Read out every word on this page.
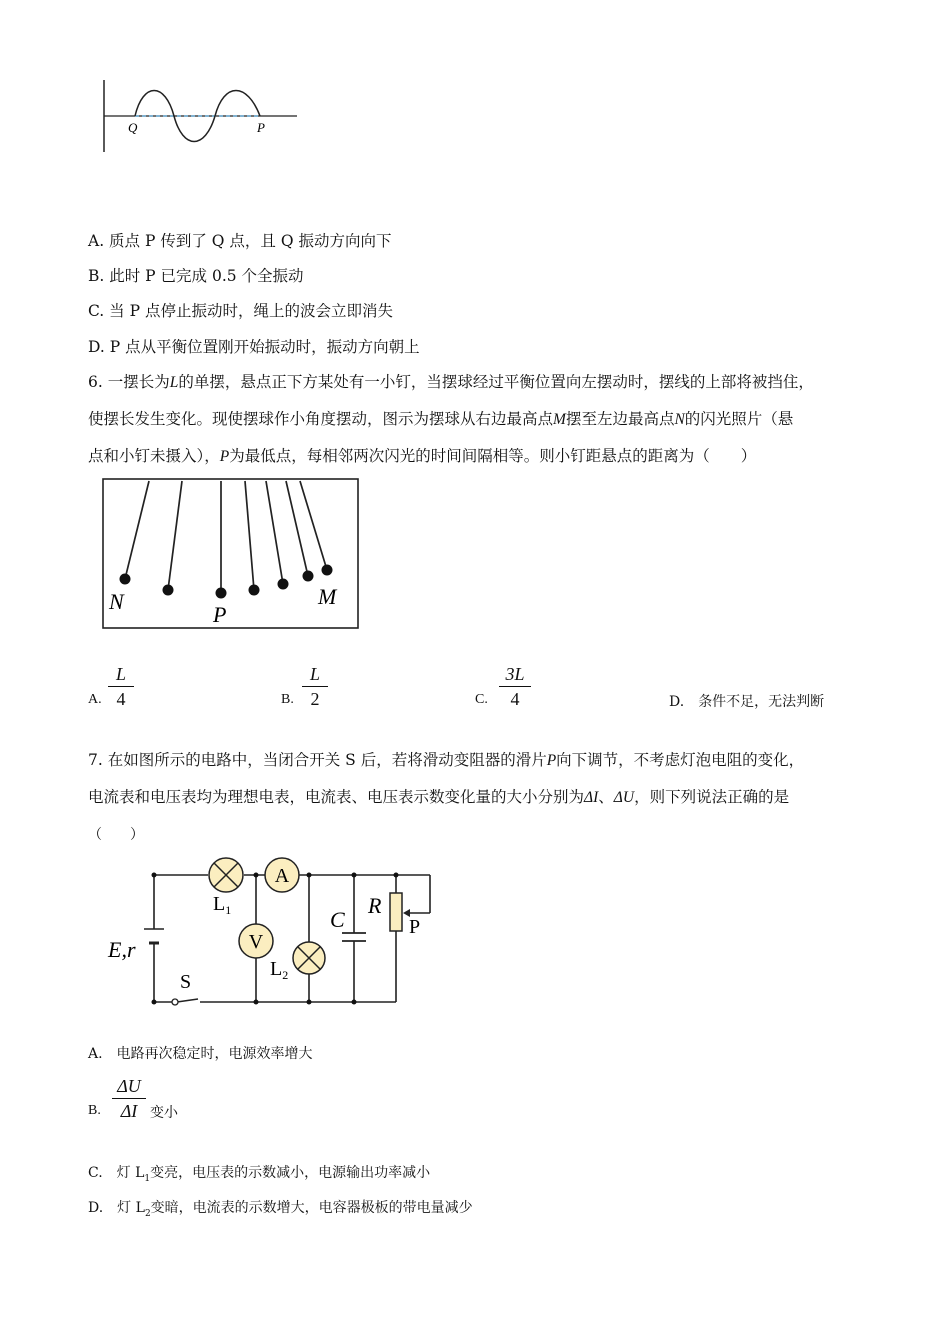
Q	P
A. 质点 P 传到了 Q 点，且 Q 振动方向向下
B. 此时 P 已完成 0.5 个全振动
C. 当 P 点停止振动时，绳上的波会立即消失
D. P 点从平衡位置刚开始振动时，振动方向朝上
6. 一摆长为L的单摆，悬点正下方某处有一小钉，当摆球经过平衡位置向左摆动时，摆线的上部将被挡住，
使摆长发生变化。现使摆球作小角度摆动，图示为摆球从右边最高点M摆至左边最高点N的闪光照片（悬
点和小钉未摄入），P为最低点，每相邻两次闪光的时间间隔相等。则小钉距悬点的距离为（　　）
N
P
M
A.
L
4	B.
L
2	C.
3L
4	D.　 条件不足，无法判断
7. 在如图所示的电路中，当闭合开关 S 后，若将滑动变阻器的滑片P向下调节，不考虑灯泡电阻的变化，
电流表和电压表均为理想电表，电流表、电压表示数变化量的大小分别为ΔI、ΔU，则下列说法正确的是
（　　）
A
V
$L_1$
$L_2$
C
R
P
E,r
S
A.　电路再次稳定时，电源效率增大
B.
ΔU
ΔI 变小
C.　灯 $L_1$变亮，电压表的示数减小，电源输出功率减小
D.　灯 $L_2$变暗，电流表的示数增大，电容器极板的带电量减少
